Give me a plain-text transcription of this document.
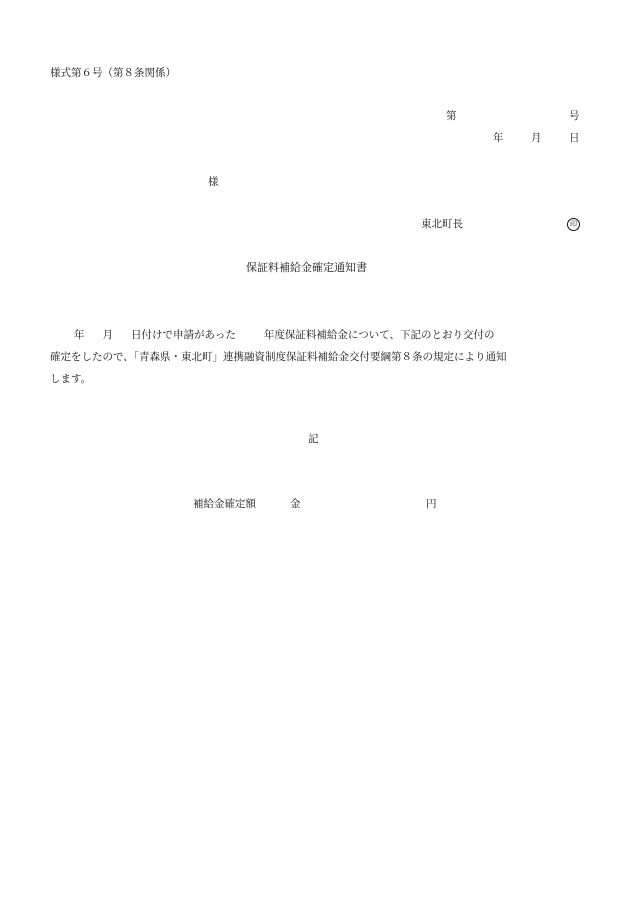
様式第６号（第８条関係）
第	号
年	月	日
様
東北町長	印
保証料補給金確定通知書
年 月 日付けで申請があった	年度保証料補給金について、下記のとおり交付の
確定をしたので、「青森県・東北町」連携融資制度保証料補給金交付要綱第８条の規定により通知
します。
記
補給金確定額	金	円
